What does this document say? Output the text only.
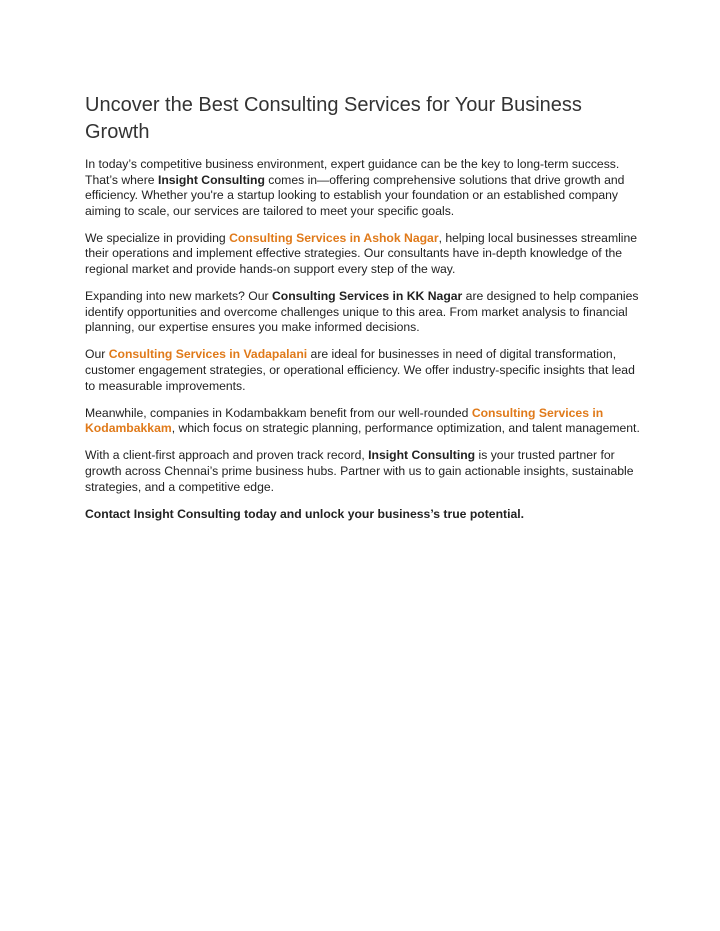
Uncover the Best Consulting Services for Your Business Growth

In today’s competitive business environment, expert guidance can be the key to long-term success. That’s where Insight Consulting comes in—offering comprehensive solutions that drive growth and efficiency. Whether you're a startup looking to establish your foundation or an established company aiming to scale, our services are tailored to meet your specific goals.

We specialize in providing Consulting Services in Ashok Nagar, helping local businesses streamline their operations and implement effective strategies. Our consultants have in-depth knowledge of the regional market and provide hands-on support every step of the way.

Expanding into new markets? Our Consulting Services in KK Nagar are designed to help companies identify opportunities and overcome challenges unique to this area. From market analysis to financial planning, our expertise ensures you make informed decisions.

Our Consulting Services in Vadapalani are ideal for businesses in need of digital transformation, customer engagement strategies, or operational efficiency. We offer industry-specific insights that lead to measurable improvements.

Meanwhile, companies in Kodambakkam benefit from our well-rounded Consulting Services in Kodambakkam, which focus on strategic planning, performance optimization, and talent management.

With a client-first approach and proven track record, Insight Consulting is your trusted partner for growth across Chennai’s prime business hubs. Partner with us to gain actionable insights, sustainable strategies, and a competitive edge.

Contact Insight Consulting today and unlock your business’s true potential.
